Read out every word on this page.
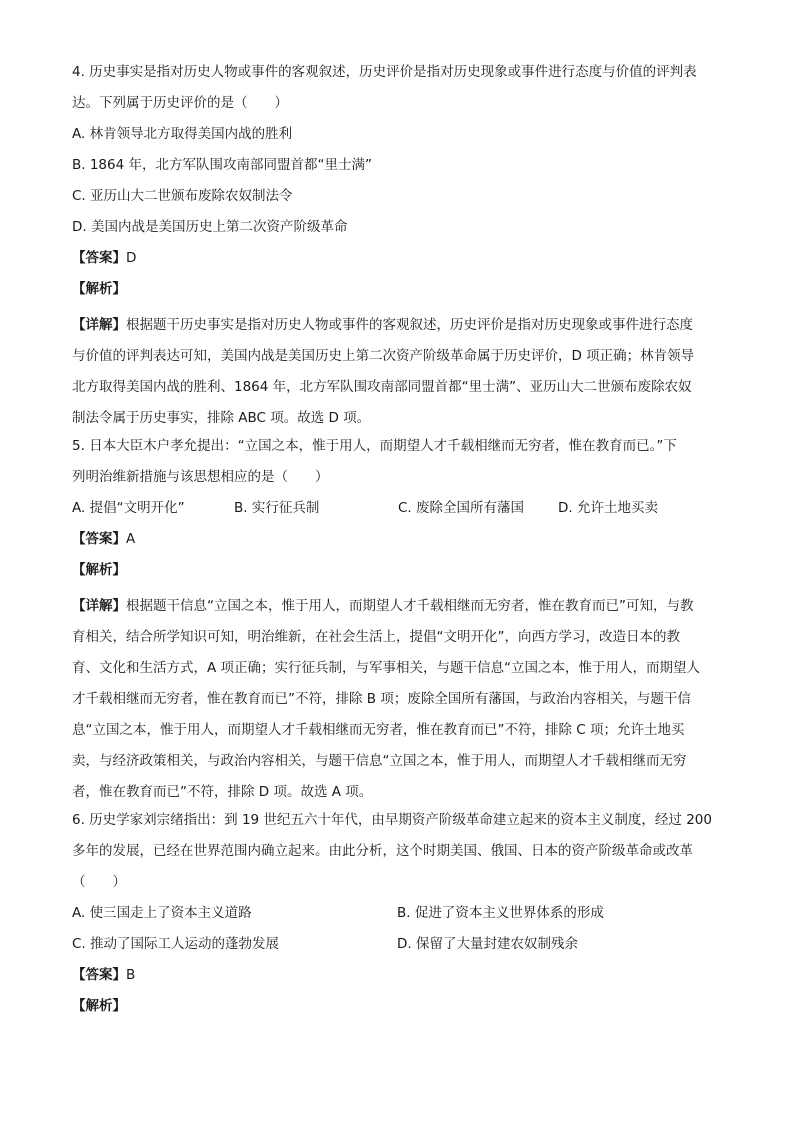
4. 历史事实是指对历史人物或事件的客观叙述，历史评价是指对历史现象或事件进行态度与价值的评判表
达。下列属于历史评价的是（　　）
A. 林肯领导北方取得美国内战的胜利
B. 1864 年，北方军队围攻南部同盟首都“里士满”
C. 亚历山大二世颁布废除农奴制法令
D. 美国内战是美国历史上第二次资产阶级革命
【答案】D
【解析】
【详解】根据题干历史事实是指对历史人物或事件的客观叙述，历史评价是指对历史现象或事件进行态度
与价值的评判表达可知，美国内战是美国历史上第二次资产阶级革命属于历史评价，D 项正确；林肯领导
北方取得美国内战的胜利、1864 年，北方军队围攻南部同盟首都“里士满”、亚历山大二世颁布废除农奴
制法令属于历史事实，排除 ABC 项。故选 D 项。
5. 日本大臣木户孝允提出：“立国之本，惟于用人，而期望人才千载相继而无穷者，惟在教育而已。”下
列明治维新措施与该思想相应的是（　　）
A. 提倡“文明开化”	B. 实行征兵制	C. 废除全国所有藩国	D. 允许土地买卖
【答案】A
【解析】
【详解】根据题干信息“立国之本，惟于用人，而期望人才千载相继而无穷者，惟在教育而已”可知，与教
育相关，结合所学知识可知，明治维新，在社会生活上，提倡“文明开化”，向西方学习，改造日本的教
育、文化和生活方式，A 项正确；实行征兵制，与军事相关，与题干信息“立国之本，惟于用人，而期望人
才千载相继而无穷者，惟在教育而已”不符，排除 B 项；废除全国所有藩国，与政治内容相关，与题干信
息“立国之本，惟于用人，而期望人才千载相继而无穷者，惟在教育而已”不符，排除 C 项；允许土地买
卖，与经济政策相关，与政治内容相关，与题干信息“立国之本，惟于用人，而期望人才千载相继而无穷
者，惟在教育而已”不符，排除 D 项。故选 A 项。
6. 历史学家刘宗绪指出：到 19 世纪五六十年代，由早期资产阶级革命建立起来的资本主义制度，经过 200
多年的发展，已经在世界范围内确立起来。由此分析，这个时期美国、俄国、日本的资产阶级革命或改革
（　　）
A. 使三国走上了资本主义道路	B. 促进了资本主义世界体系的形成
C. 推动了国际工人运动的蓬勃发展	D. 保留了大量封建农奴制残余
【答案】B
【解析】
